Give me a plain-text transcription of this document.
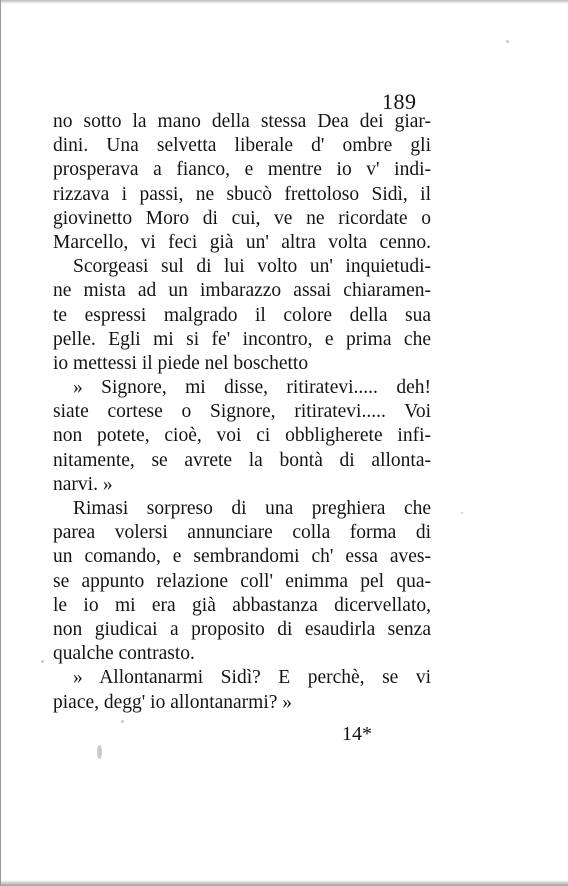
189
no sotto la mano della stessa Dea dei giar-
dini. Una selvetta liberale d' ombre gli
prosperava a fianco, e mentre io v' indi-
rizzava i passi, ne sbucò frettoloso Sidì, il
giovinetto Moro di cui, ve ne ricordate o
Marcello, vi feci già un' altra volta cenno.
Scorgeasi sul di lui volto un' inquietudi-
ne mista ad un imbarazzo assai chiaramen-
te espressi malgrado il colore della sua
pelle. Egli mi si fe' incontro, e prima che
io mettessi il piede nel boschetto
» Signore, mi disse, ritiratevi..... deh!
siate cortese o Signore, ritiratevi..... Voi
non potete, cioè, voi ci obbligherete infi-
nitamente, se avrete la bontà di allonta-
narvi. »
Rimasi sorpreso di una preghiera che
parea volersi annunciare colla forma di
un comando, e sembrandomi ch' essa aves-
se appunto relazione coll' enimma pel qua-
le io mi era già abbastanza dicervellato,
non giudicai a proposito di esaudirla senza
qualche contrasto.
» Allontanarmi Sidì? E perchè, se vi
piace, degg' io allontanarmi? »
14*
